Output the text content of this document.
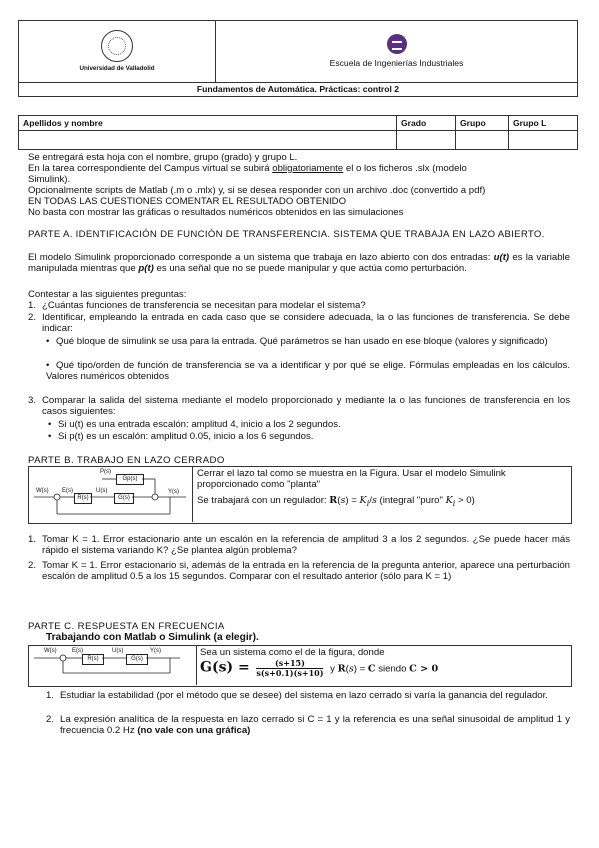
Universidad de Valladolid

Escuela de Ingenierías Industriales

Fundamentos de Automática. Prácticas: control 2
Apellidos y nombre	Grado	Grupo	Grupo L

Se entregará esta hoja con el nombre, grupo (grado) y grupo L.
En la tarea correspondiente del Campus virtual se subirá obligatoriamente el o los ficheros .slx (modelo
Simulink).
Opcionalmente scripts de Matlab (.m o .mlx) y, si se desea responder con un archivo .doc (convertido a pdf)
EN TODAS LAS CUESTIONES COMENTAR EL RESULTADO OBTENIDO
No basta con mostrar las gráficas o resultados numéricos obtenidos en las simulaciones
PARTE A. IDENTIFICACIÓN DE FUNCIÓN DE TRANSFERENCIA. SISTEMA QUE TRABAJA EN LAZO ABIERTO.
El modelo Simulink proporcionado corresponde a un sistema que trabaja en lazo abierto con dos entradas: u(t) es la variable manipulada mientras que p(t) es una señal que no se puede manipular y que actúa como perturbación.
Contestar a las siguientes preguntas:
1. ¿Cuántas funciones de transferencia se necesitan para modelar el sistema?
2. Identificar, empleando la entrada en cada caso que se considere adecuada, la o las funciones de transferencia. Se debe indicar:
• Qué bloque de simulink se usa para la entrada. Qué parámetros se han usado en ese bloque (valores y significado)
• Qué tipo/orden de función de transferencia se va a identificar y por qué se elige. Fórmulas empleadas en los cálculos. Valores numéricos obtenidos
3. Comparar la salida del sistema mediante el modelo proporcionado y mediante la o las funciones de transferencia en los casos siguientes:
• Si u(t) es una entrada escalón: amplitud 4, inicio a los 2 segundos.
• Si p(t) es un escalón: amplitud 0.05, inicio a los 6 segundos.
PARTE B. TRABAJO EN LAZO CERRADO
P(s)
Gp(s)
W(s) E(s)
R(s)
U(s)
G(s)
Y(s)
Cerrar el lazo tal como se muestra en la Figura. Usar el modelo Simulink proporcionado como "planta"
Se trabajará con un regulador: $R(s) = K_i/s$ (integral "puro" $K_i > 0$)
1. Tomar K = 1. Error estacionario ante un escalón en la referencia de amplitud 3 a los 2 segundos. ¿Se puede hacer más rápido el sistema variando K? ¿Se plantea algún problema?
2. Tomar K = 1. Error estacionario si, además de la entrada en la referencia de la pregunta anterior, aparece una perturbación escalón de amplitud 0.5 a los 15 segundos. Comparar con el resultado anterior (sólo para K = 1)
PARTE C. RESPUESTA EN FRECUENCIA
Trabajando con Matlab o Simulink (a elegir).
W(s)	E(s)
R(s)
U(s)
G(s)
Y(s)	Sea un sistema como el de la figura, donde
$G(s) = \frac{(s+15)}{s(s+0.1)(s+10)}$ y R(s) = C siendo C > 0
1. Estudiar la estabilidad (por el método que se desee) del sistema en lazo cerrado si varía la ganancia del regulador.
2. La expresión analítica de la respuesta en lazo cerrado si C = 1 y la referencia es una señal sinusoidal de amplitud 1 y frecuencia 0.2 Hz (no vale con una gráfica)
